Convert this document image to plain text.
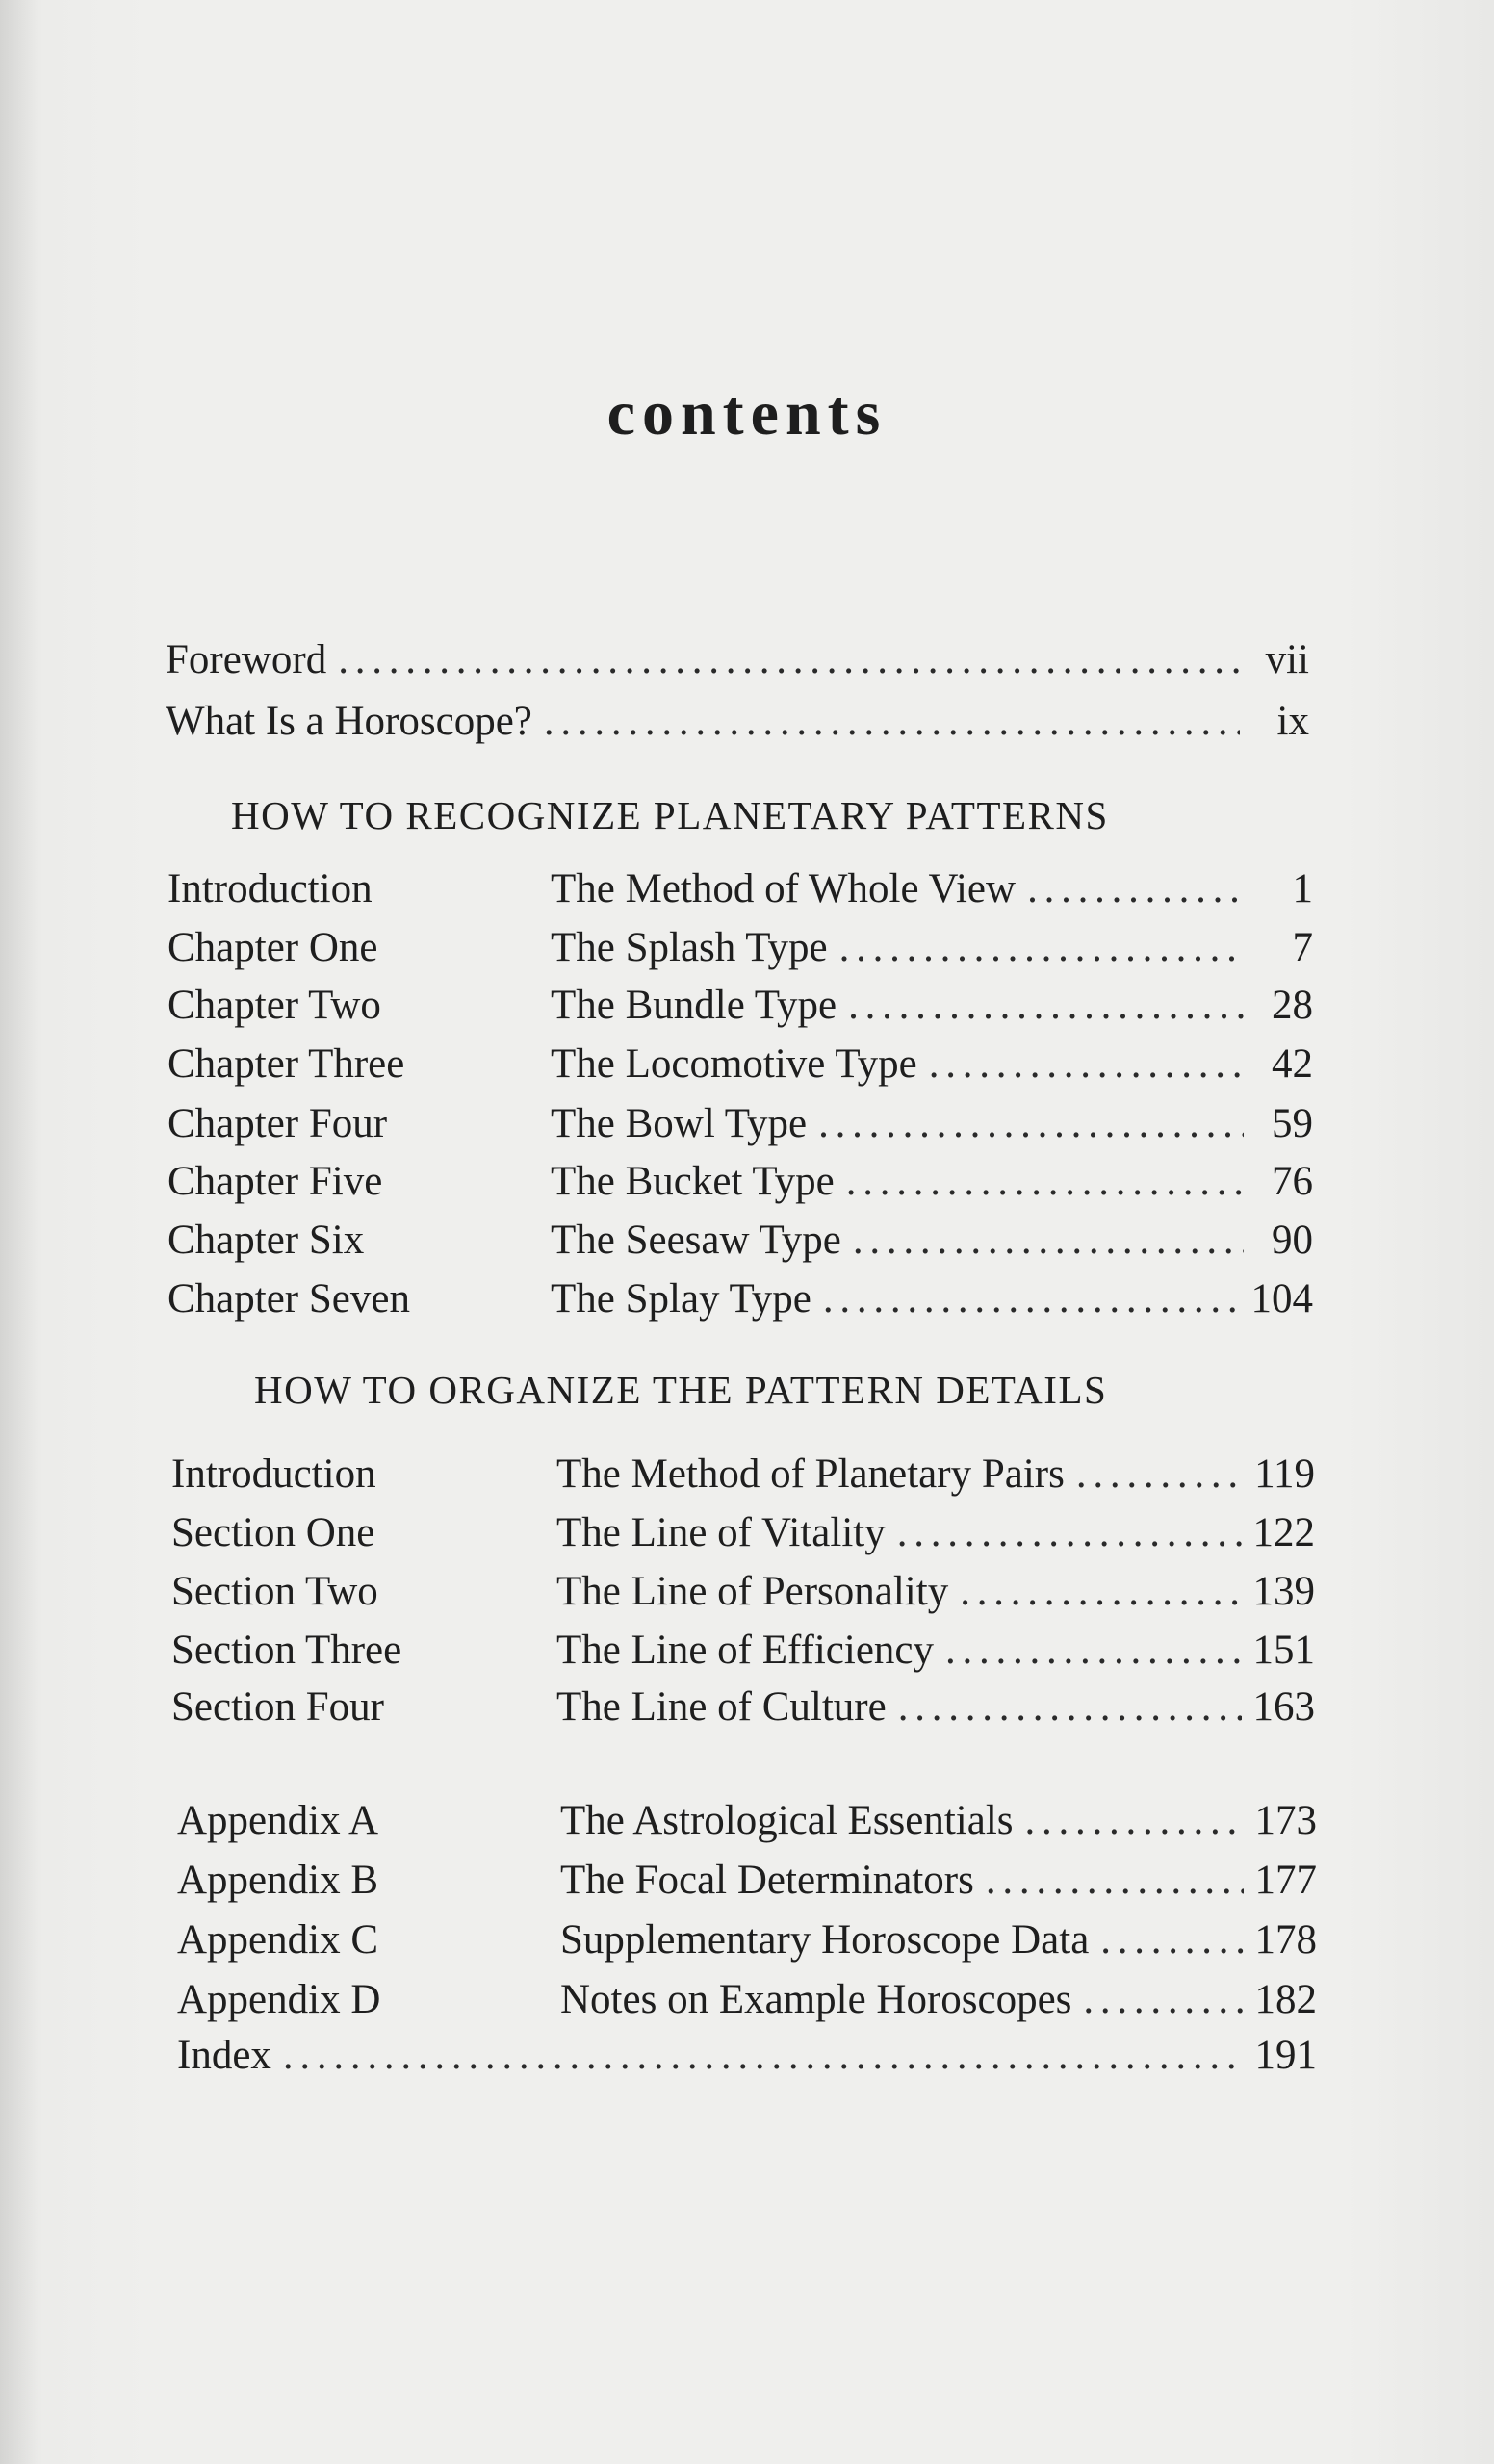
contents
Foreword . . .	vii
What Is a Horoscope? . . .	ix
HOW TO RECOGNIZE PLANETARY PATTERNS
Introduction	The Method of Whole View . . .	1
Chapter One	The Splash Type . . .	7
Chapter Two	The Bundle Type . . .	28
Chapter Three	The Locomotive Type . . .	42
Chapter Four	The Bowl Type . . .	59
Chapter Five	The Bucket Type . . .	76
Chapter Six	The Seesaw Type . . .	90
Chapter Seven	The Splay Type . . .	104
HOW TO ORGANIZE THE PATTERN DETAILS
Introduction	The Method of Planetary Pairs . . .	119
Section One	The Line of Vitality . . .	122
Section Two	The Line of Personality . . .	139
Section Three	The Line of Efficiency . . .	151
Section Four	The Line of Culture . . .	163
Appendix A	The Astrological Essentials . . .	173
Appendix B	The Focal Determinators . . .	177
Appendix C	Supplementary Horoscope Data . . .	178
Appendix D	Notes on Example Horoscopes . . .	182
Index . . .	191
